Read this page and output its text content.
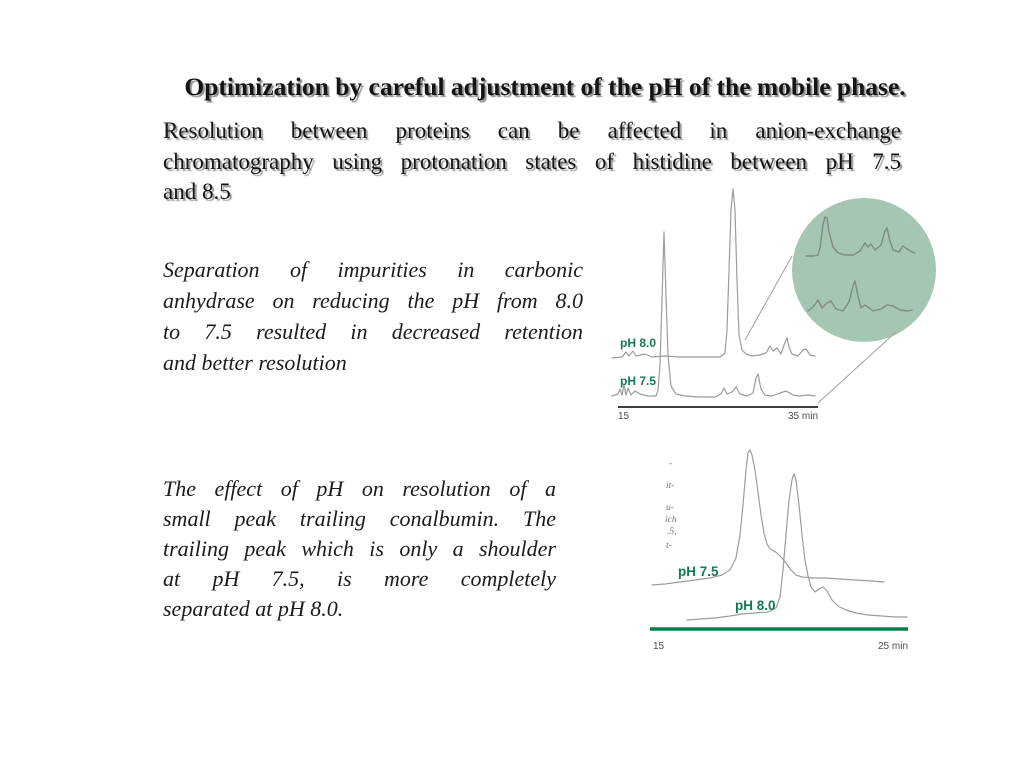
Optimization by careful adjustment of the pH of the mobile phase.
Resolution between proteins can be affected in anion-exchange
chromatography using protonation states of histidine between pH 7.5
and 8.5
Separation of impurities in carbonic
anhydrase on reducing the pH from 8.0
to 7.5 resulted in decreased retention
and better resolution
The effect of pH on resolution of a
small peak trailing conalbumin. The
trailing peak which is only a shoulder
at pH 7.5, is more completely
separated at pH 8.0.
pH 8.0
pH 7.5
15	35 min
-
it-
u-
ich
.5,
t-
pH 7.5
pH 8.0
15	25 min
